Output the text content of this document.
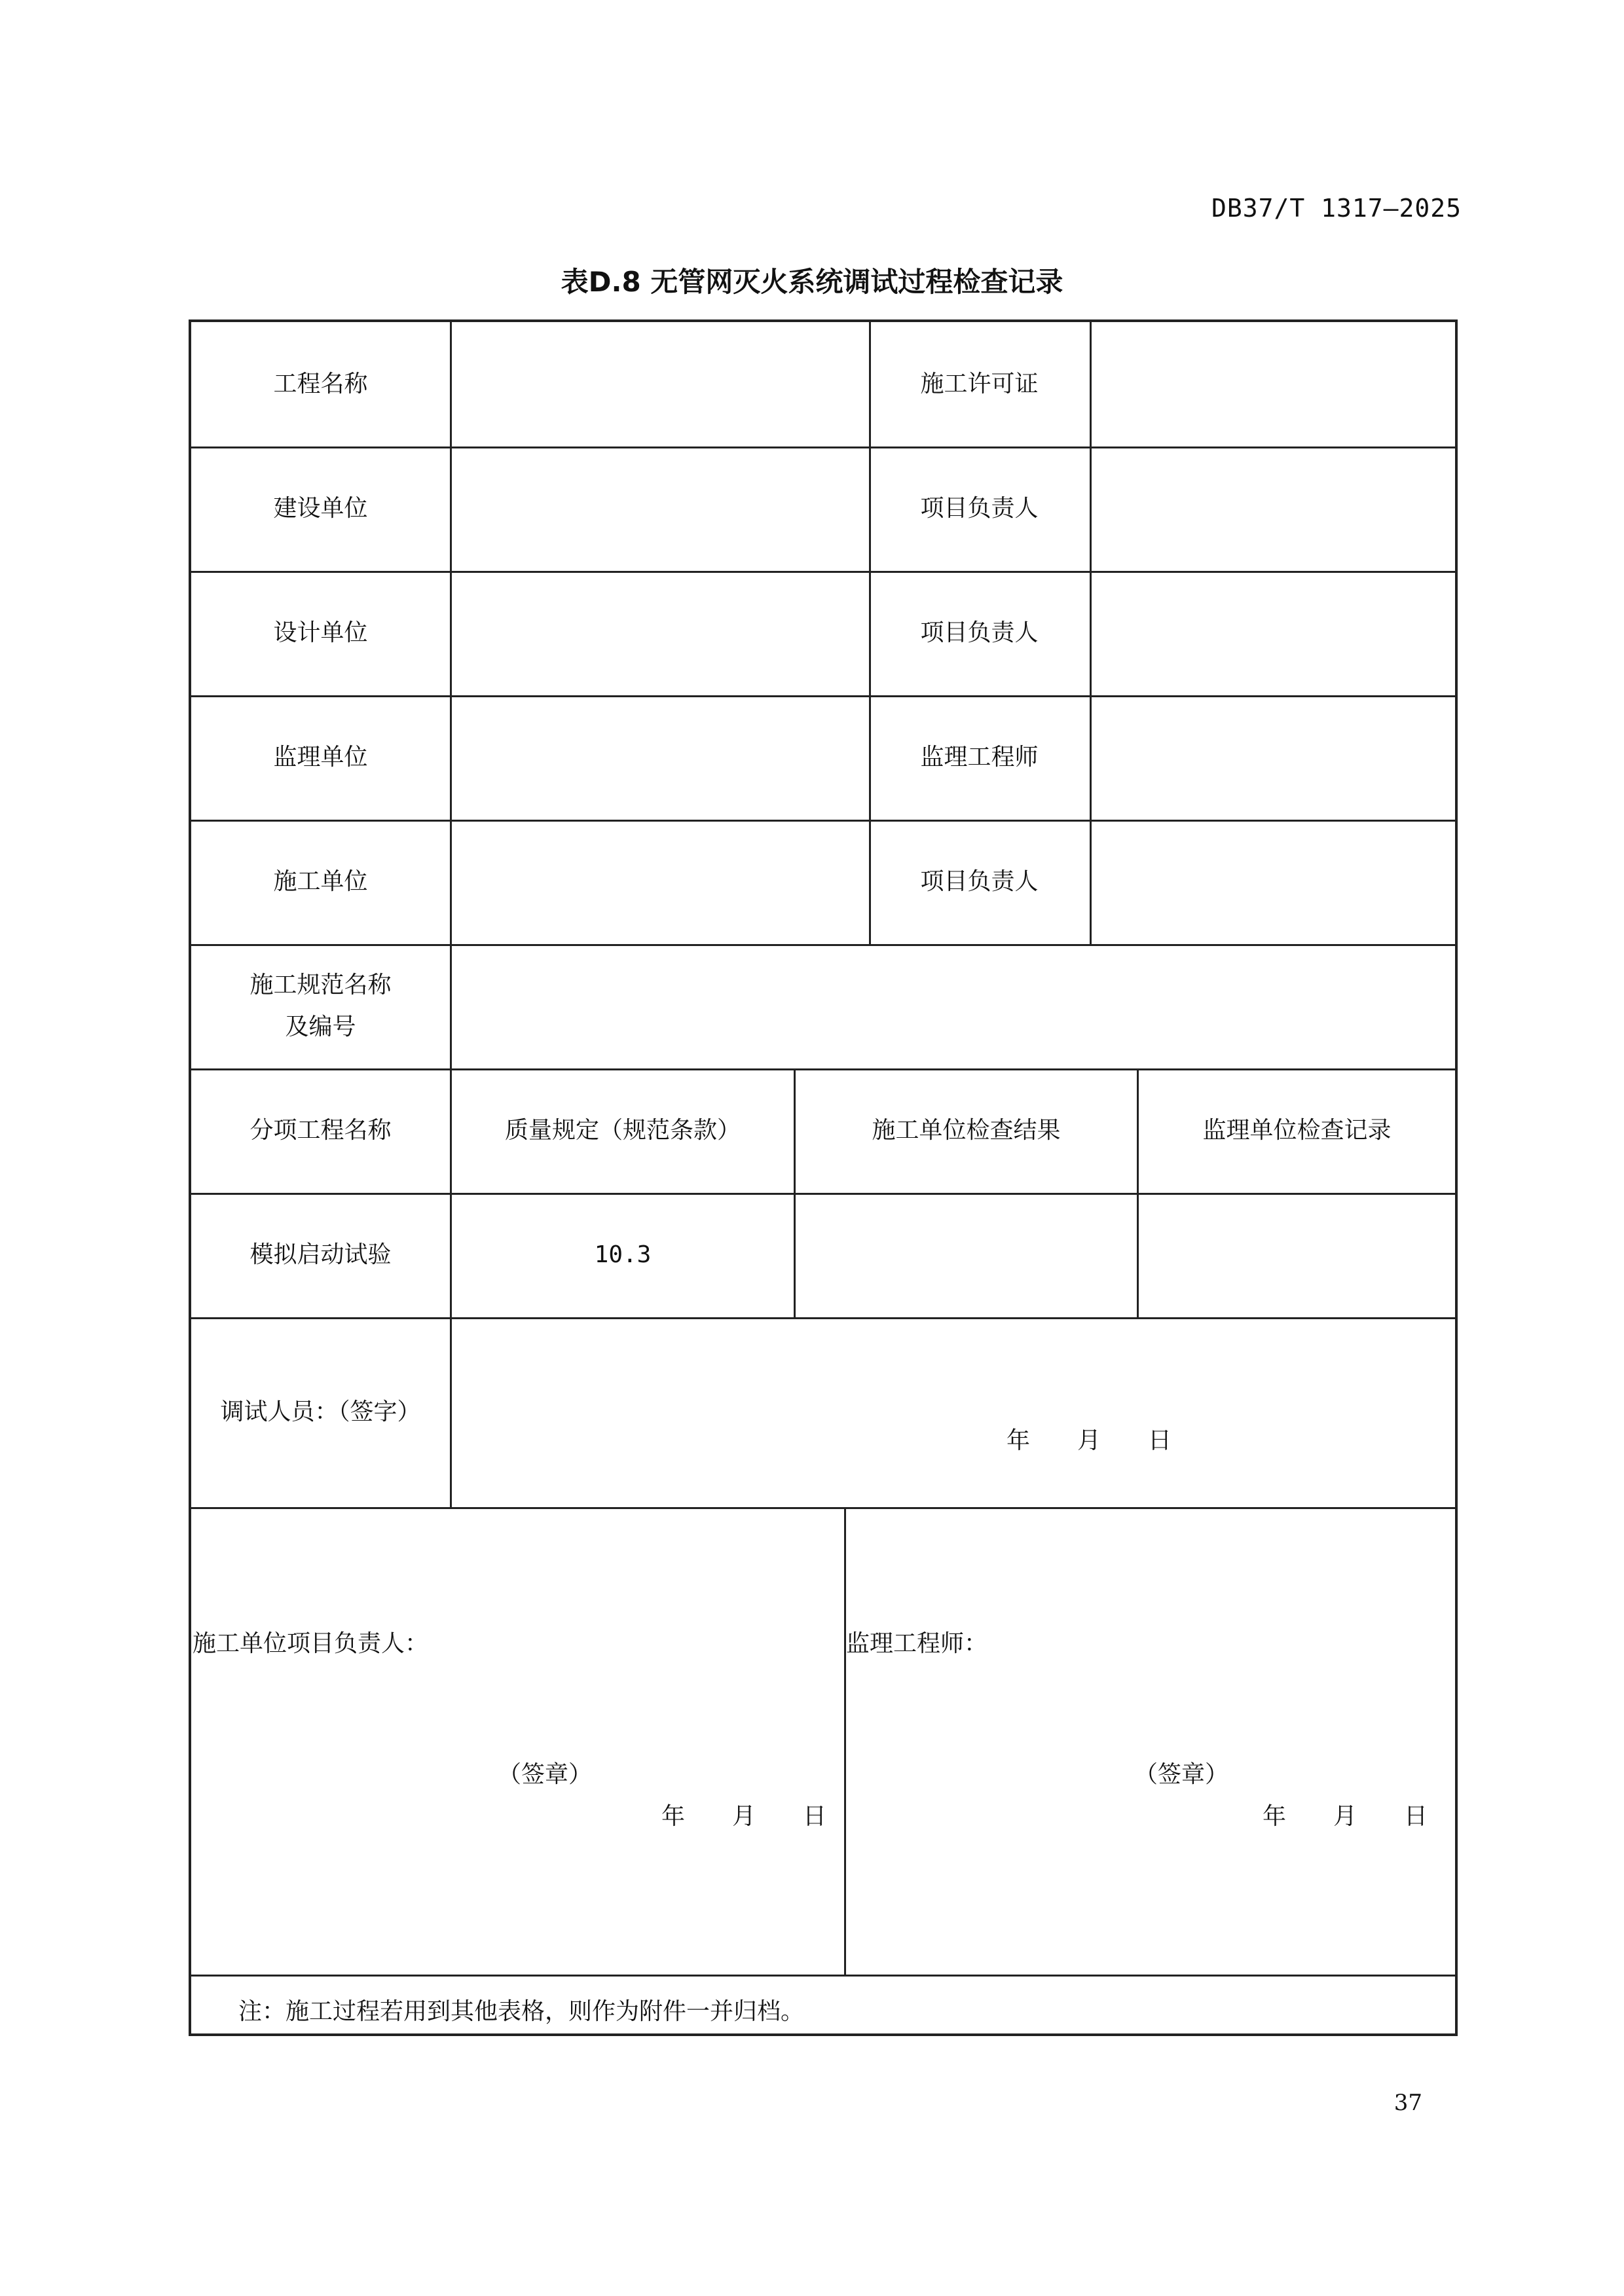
DB37/T 1317—2025
表D.8 无管网灭火系统调试过程检查记录
工程名称	施工许可证
建设单位	项目负责人
设计单位	项目负责人
监理单位	监理工程师
施工单位	项目负责人
施工规范名称
及编号
分项工程名称	质量规定（规范条款）	施工单位检查结果	监理单位检查记录
模拟启动试验	10.3
调试人员：（签字）
年　　月　　日
施工单位项目负责人：
（签章）
年　　月　　日
监理工程师：
（签章）
年　　月　　日
注：施工过程若用到其他表格，则作为附件一并归档。
37
